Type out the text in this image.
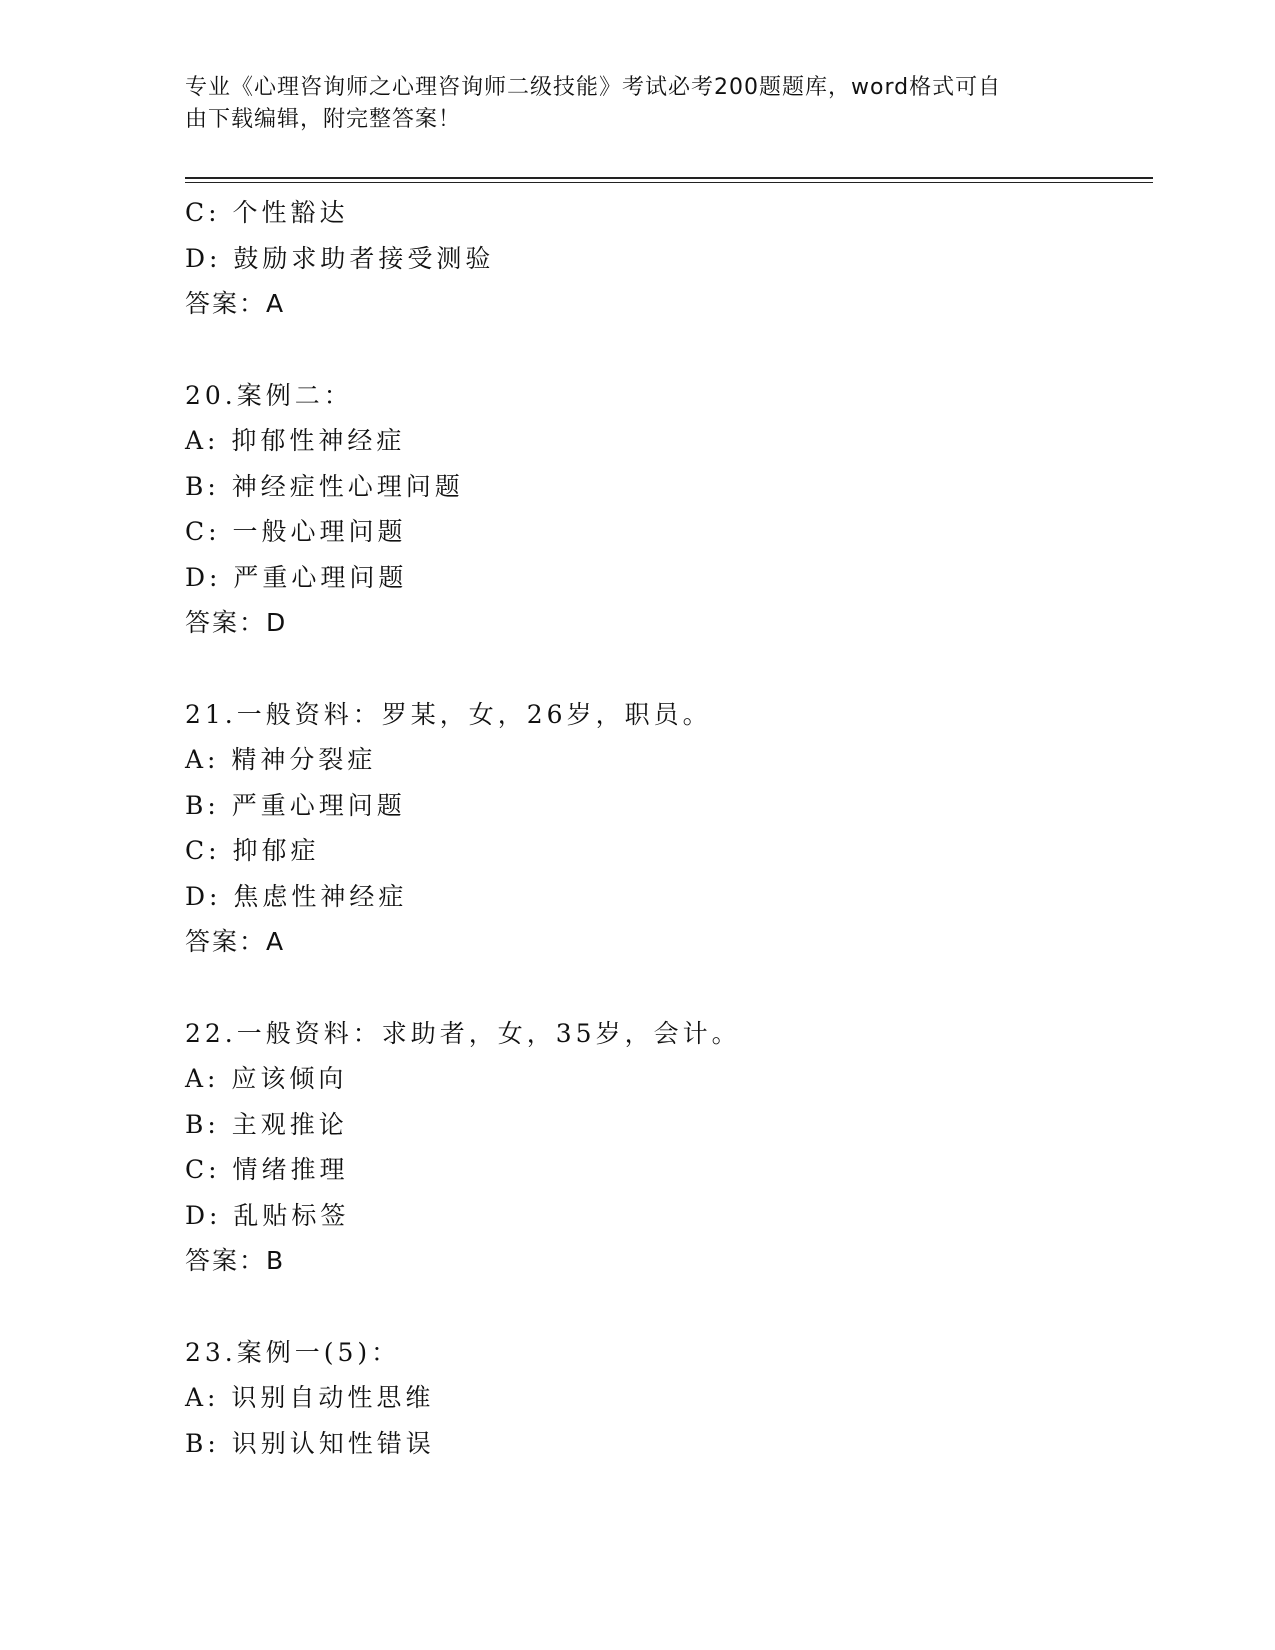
专业《心理咨询师之心理咨询师二级技能》考试必考200题题库，word格式可自
由下载编辑，附完整答案！
C: 个性豁达
D: 鼓励求助者接受测验
答案：A
20.案例二：
A: 抑郁性神经症
B: 神经症性心理问题
C: 一般心理问题
D: 严重心理问题
答案：D
21.一般资料：罗某，女，26岁，职员。
A: 精神分裂症
B: 严重心理问题
C: 抑郁症
D: 焦虑性神经症
答案：A
22.一般资料：求助者，女，35岁，会计。
A: 应该倾向
B: 主观推论
C: 情绪推理
D: 乱贴标签
答案：B
23.案例一(5)：
A: 识别自动性思维
B: 识别认知性错误
